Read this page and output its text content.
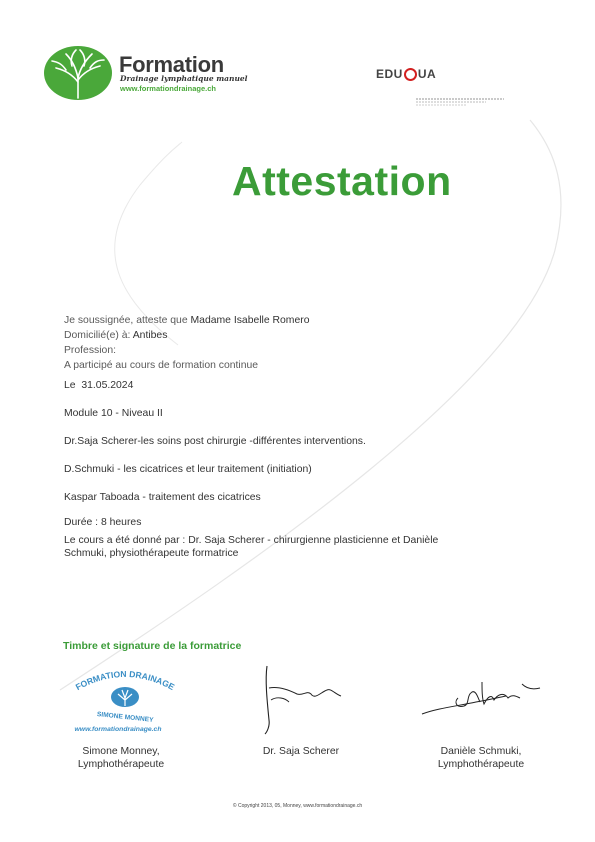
Formation
Drainage lymphatique manuel
www.formationdrainage.ch
EDU UA
Attestation
Je soussignée, atteste que Madame Isabelle Romero
Domicilié(e) à: Antibes
Profession:
A participé au cours de formation continue
Le 31.05.2024
Module 10 - Niveau II
Dr.Saja Scherer-les soins post chirurgie -différentes interventions.
D.Schmuki - les cicatrices et leur traitement (initiation)
Kaspar Taboada - traitement des cicatrices
Durée : 8 heures
Le cours a été donné par : Dr. Saja Scherer - chirurgienne plasticienne et Danièle
Schmuki, physiothérapeute formatrice
Timbre et signature de la formatrice
FORMATION DRAINAGE
SIMONE MONNEY
www.formationdrainage.ch
Simone Monney,
Lymphothérapeute
Dr. Saja Scherer	Danièle Schmuki,
Lymphothérapeute
© Copyright 2013, 05, Monney, www.formationdrainage.ch
